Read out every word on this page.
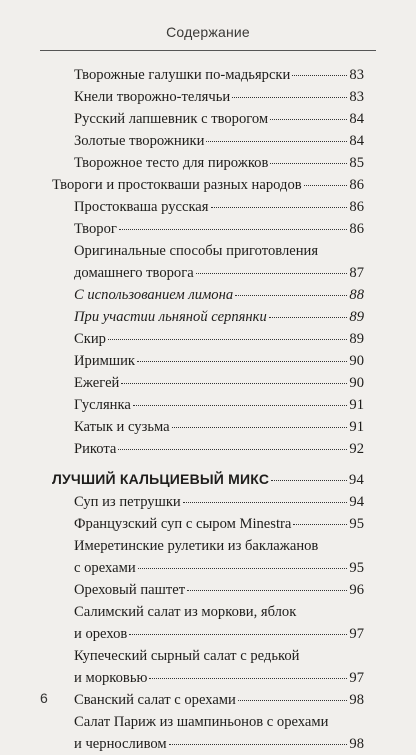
Содержание
Творожные галушки по-мадьярски	83
Кнели творожно-телячьи	83
Русский лапшевник с творогом	84
Золотые творожники	84
Творожное тесто для пирожков	85
Твороги и простокваши разных народов	86
Простокваша русская	86
Творог	86
Оригинальные способы приготовления
домашнего творога	87
С использованием лимона	88
При участии льняной серпянки	89
Скир	89
Иримшик	90
Ежегей	90
Гуслянка	91
Катык и сузьма	91
Рикота	92
ЛУЧШИЙ КАЛЬЦИЕВЫЙ МИКС	94
Суп из петрушки	94
Французский суп с сыром Minestra	95
Имеретинские рулетики из баклажанов
с орехами	95
Ореховый паштет	96
Салимский салат из моркови, яблок
и орехов	97
Купеческий сырный салат с редькой
и морковью	97
Сванский салат с орехами	98
Салат Париж из шампиньонов с орехами
и черносливом	98
6
